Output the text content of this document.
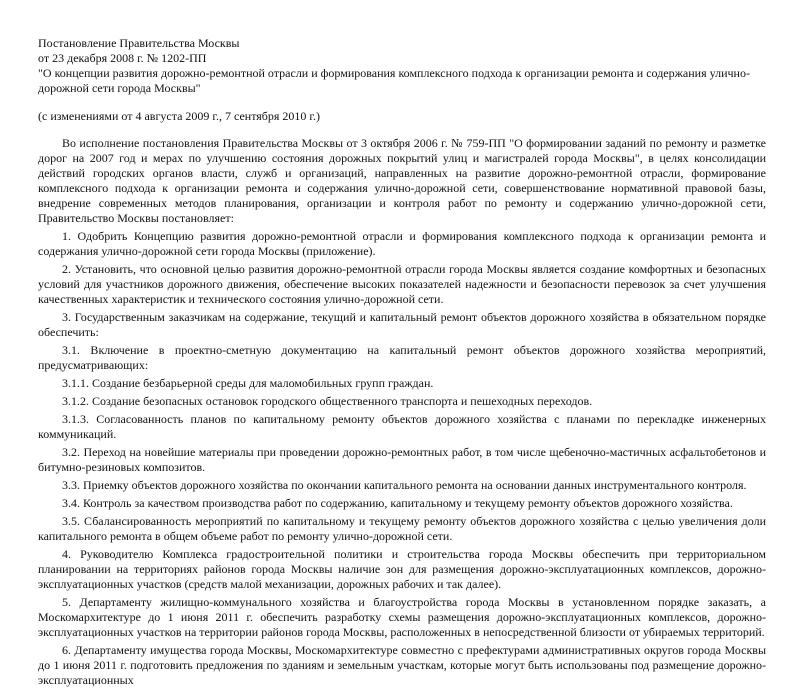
Постановление Правительства Москвы
от 23 декабря 2008 г. № 1202-ПП
"О концепции развития дорожно-ремонтной отрасли и формирования комплексного подхода к организации ремонта и содержания улично-дорожной сети города Москвы"
(с изменениями от 4 августа 2009 г., 7 сентября 2010 г.)

Во исполнение постановления Правительства Москвы от 3 октября 2006 г. № 759-ПП "О формировании заданий по ремонту и разметке дорог на 2007 год и мерах по улучшению состояния дорожных покрытий улиц и магистралей города Москвы", в целях консолидации действий городских органов власти, служб и организаций, направленных на развитие дорожно-ремонтной отрасли, формирование комплексного подхода к организации ремонта и содержания улично-дорожной сети, совершенствование нормативной правовой базы, внедрение современных методов планирования, организации и контроля работ по ремонту и содержанию улично-дорожной сети, Правительство Москвы постановляет:

1. Одобрить Концепцию развития дорожно-ремонтной отрасли и формирования комплексного подхода к организации ремонта и содержания улично-дорожной сети города Москвы (приложение).

2. Установить, что основной целью развития дорожно-ремонтной отрасли города Москвы является создание комфортных и безопасных условий для участников дорожного движения, обеспечение высоких показателей надежности и безопасности перевозок за счет улучшения качественных характеристик и технического состояния улично-дорожной сети.

3. Государственным заказчикам на содержание, текущий и капитальный ремонт объектов дорожного хозяйства в обязательном порядке обеспечить:

3.1. Включение в проектно-сметную документацию на капитальный ремонт объектов дорожного хозяйства мероприятий, предусматривающих:

3.1.1. Создание безбарьерной среды для маломобильных групп граждан.

3.1.2. Создание безопасных остановок городского общественного транспорта и пешеходных переходов.

3.1.3. Согласованность планов по капитальному ремонту объектов дорожного хозяйства с планами по перекладке инженерных коммуникаций.

3.2. Переход на новейшие материалы при проведении дорожно-ремонтных работ, в том числе щебеночно-мастичных асфальтобетонов и битумно-резиновых композитов.

3.3. Приемку объектов дорожного хозяйства по окончании капитального ремонта на основании данных инструментального контроля.

3.4. Контроль за качеством производства работ по содержанию, капитальному и текущему ремонту объектов дорожного хозяйства.

3.5. Сбалансированность мероприятий по капитальному и текущему ремонту объектов дорожного хозяйства с целью увеличения доли капитального ремонта в общем объеме работ по ремонту улично-дорожной сети.

4. Руководителю Комплекса градостроительной политики и строительства города Москвы обеспечить при территориальном планировании на территориях районов города Москвы наличие зон для размещения дорожно-эксплуатационных комплексов, дорожно-эксплуатационных участков (средств малой механизации, дорожных рабочих и так далее).

5. Департаменту жилищно-коммунального хозяйства и благоустройства города Москвы в установленном порядке заказать, а Москомархитектуре до 1 июня 2011 г. обеспечить разработку схемы размещения дорожно-эксплуатационных комплексов, дорожно-эксплуатационных участков на территории районов города Москвы, расположенных в непосредственной близости от убираемых территорий.

6. Департаменту имущества города Москвы, Москомархитектуре совместно с префектурами административных округов города Москвы до 1 июня 2011 г. подготовить предложения по зданиям и земельным участкам, которые могут быть использованы под размещение дорожно-эксплуатационных
